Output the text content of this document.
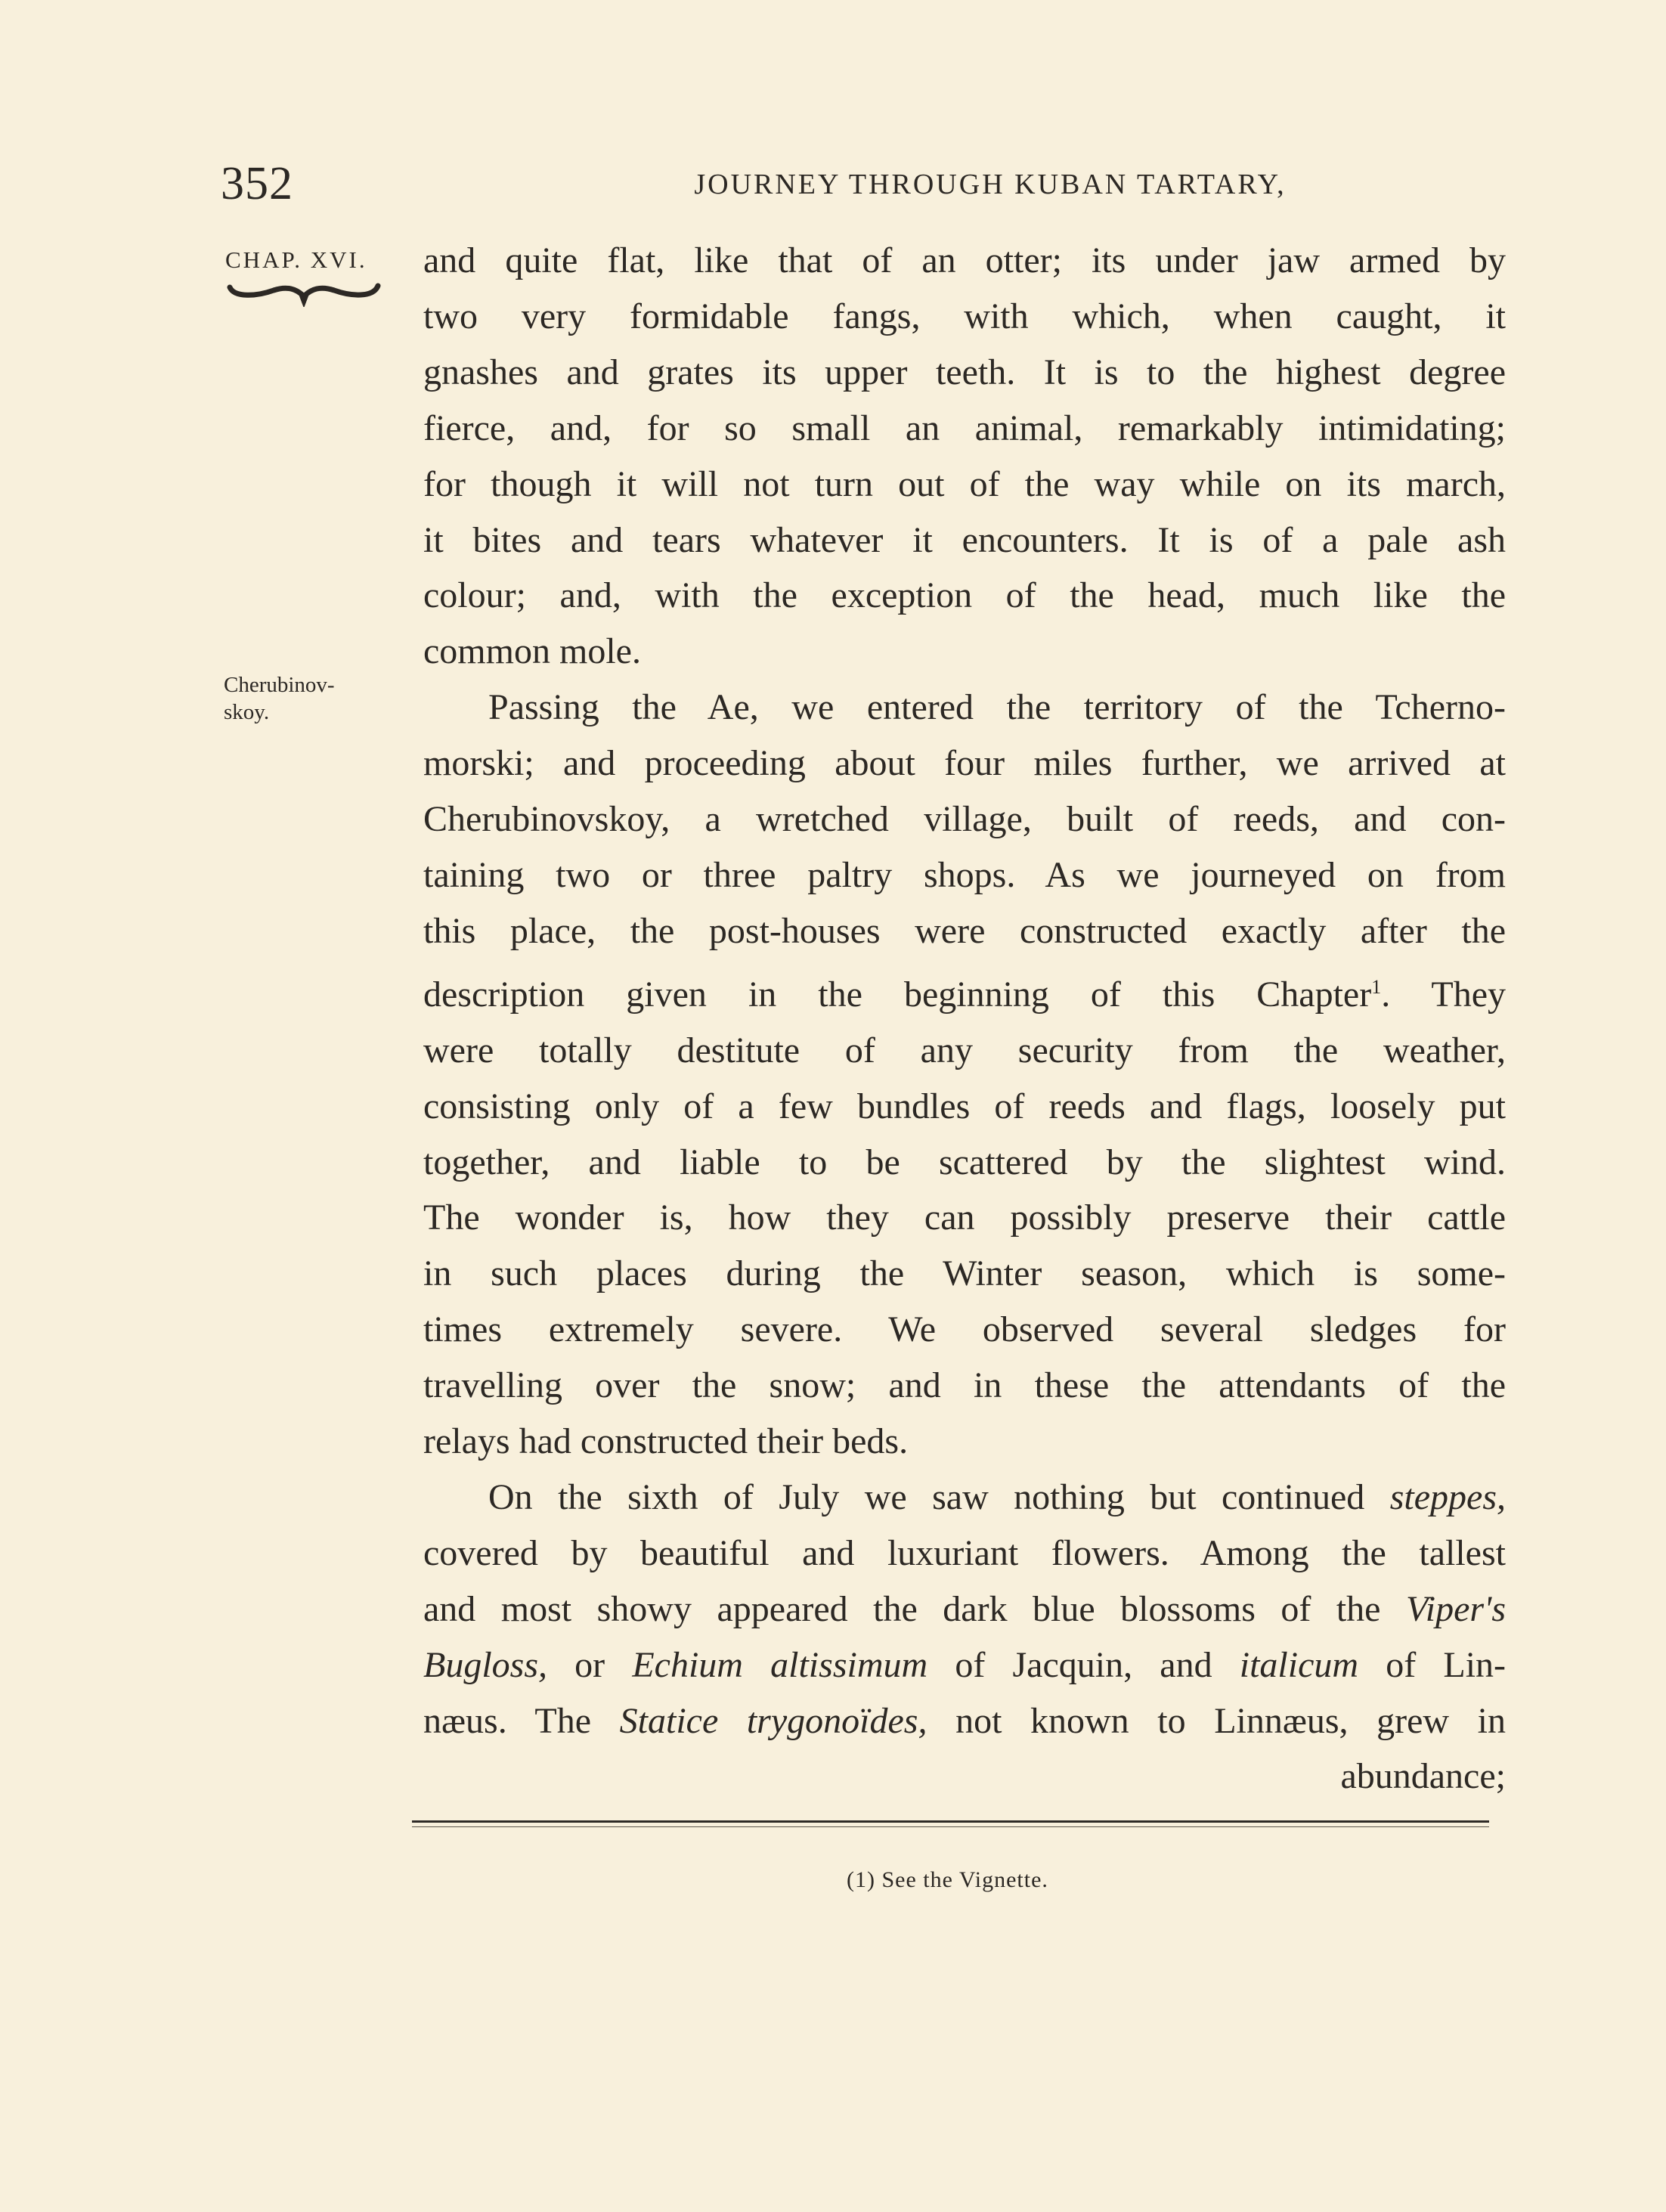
352	JOURNEY THROUGH KUBAN TARTARY,
CHAP. XVI.
Cherubinov-
skoy.

and quite flat, like that of an otter; its under jaw armed by

two very formidable fangs, with which, when caught, it

gnashes and grates its upper teeth. It is to the highest degree

fierce, and, for so small an animal, remarkably intimidating;

for though it will not turn out of the way while on its march,

it bites and tears whatever it encounters. It is of a pale ash

colour; and, with the exception of the head, much like the

common mole.

Passing the Ae, we entered the territory of the Tcherno-

morski; and proceeding about four miles further, we arrived at

Cherubinovskoy, a wretched village, built of reeds, and con-

taining two or three paltry shops. As we journeyed on from

this place, the post-houses were constructed exactly after the

description given in the beginning of this Chapter$^1$. They

were totally destitute of any security from the weather,

consisting only of a few bundles of reeds and flags, loosely put

together, and liable to be scattered by the slightest wind.

The wonder is, how they can possibly preserve their cattle

in such places during the Winter season, which is some-

times extremely severe. We observed several sledges for

travelling over the snow; and in these the attendants of the

relays had constructed their beds.

On the sixth of July we saw nothing but continued steppes,

covered by beautiful and luxuriant flowers. Among the tallest

and most showy appeared the dark blue blossoms of the Viper's

Bugloss, or Echium altissimum of Jacquin, and italicum of Lin-

næus. The Statice trygonoïdes, not known to Linnæus, grew in

abundance;

(1) See the Vignette.
